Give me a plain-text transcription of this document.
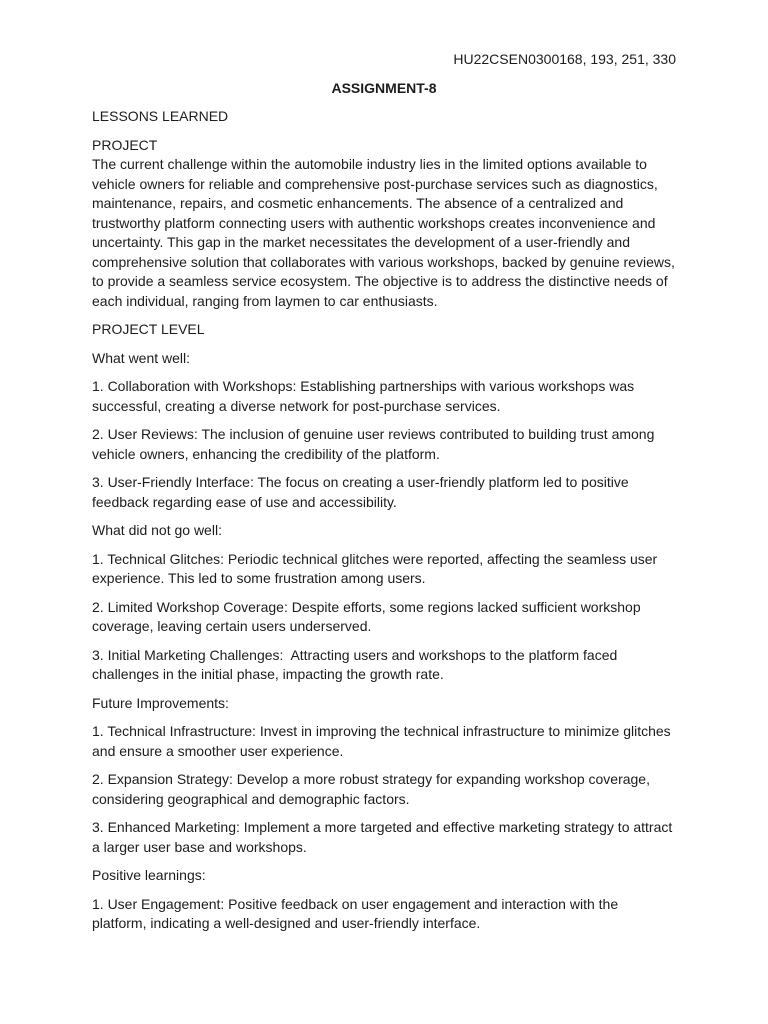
HU22CSEN0300168, 193, 251, 330

ASSIGNMENT-8

LESSONS LEARNED

PROJECT

The current challenge within the automobile industry lies in the limited options available to vehicle owners for reliable and comprehensive post-purchase services such as diagnostics, maintenance, repairs, and cosmetic enhancements. The absence of a centralized and trustworthy platform connecting users with authentic workshops creates inconvenience and uncertainty. This gap in the market necessitates the development of a user-friendly and comprehensive solution that collaborates with various workshops, backed by genuine reviews, to provide a seamless service ecosystem. The objective is to address the distinctive needs of each individual, ranging from laymen to car enthusiasts.

PROJECT LEVEL

What went well:

1. Collaboration with Workshops: Establishing partnerships with various workshops was successful, creating a diverse network for post-purchase services.

2. User Reviews: The inclusion of genuine user reviews contributed to building trust among vehicle owners, enhancing the credibility of the platform.

3. User-Friendly Interface: The focus on creating a user-friendly platform led to positive feedback regarding ease of use and accessibility.

What did not go well:

1. Technical Glitches: Periodic technical glitches were reported, affecting the seamless user experience. This led to some frustration among users.

2. Limited Workshop Coverage: Despite efforts, some regions lacked sufficient workshop coverage, leaving certain users underserved.

3. Initial Marketing Challenges:  Attracting users and workshops to the platform faced challenges in the initial phase, impacting the growth rate.

Future Improvements:

1. Technical Infrastructure: Invest in improving the technical infrastructure to minimize glitches and ensure a smoother user experience.

2. Expansion Strategy: Develop a more robust strategy for expanding workshop coverage, considering geographical and demographic factors.

3. Enhanced Marketing: Implement a more targeted and effective marketing strategy to attract a larger user base and workshops.

Positive learnings:

1. User Engagement: Positive feedback on user engagement and interaction with the platform, indicating a well-designed and user-friendly interface.
